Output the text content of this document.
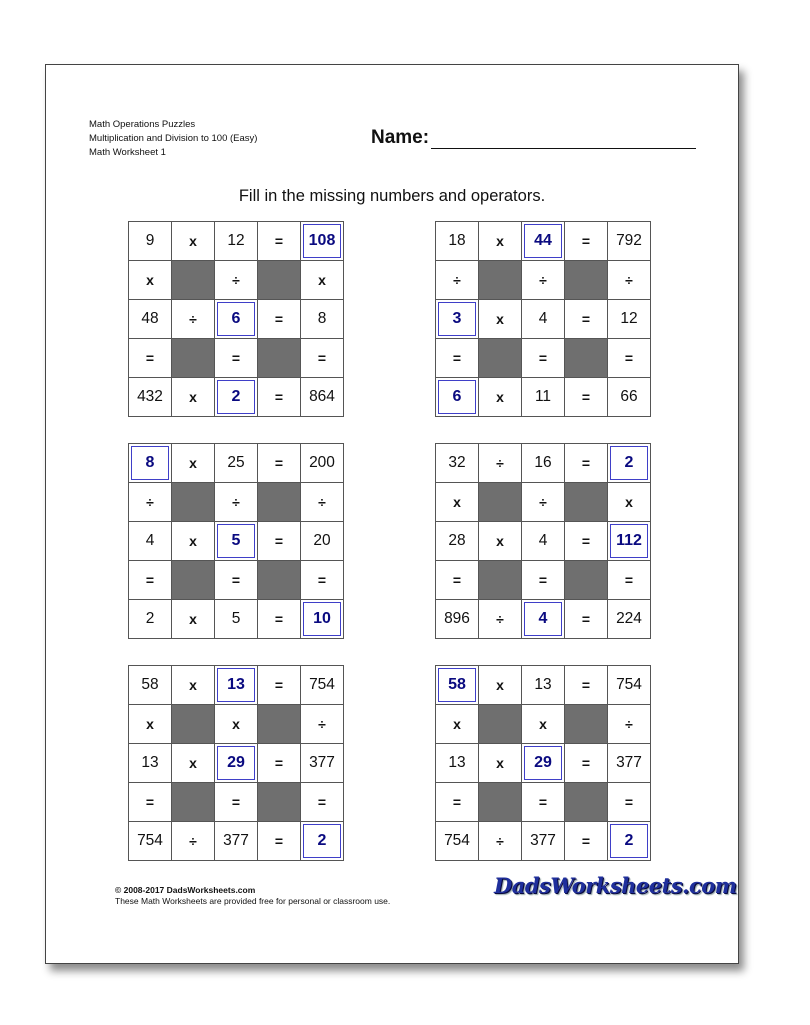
Math Operations Puzzles
Multiplication and Division to 100 (Easy)
Math Worksheet 1
Name:
Fill in the missing numbers and operators.
9	x	12	=	108

x		÷		x
48	÷	6	=	8
=		=		=
432	x	2	=	864
18	x	44	=	792
÷		÷		÷

3	x	4	=	12
=		=		=

6	x	11	=	66
8	x	25	=	200
÷		÷		÷
4	x	5	=	20
=		=		=
2	x	5	=	10
32	÷	16	=	2

x		÷		x
28	x	4	=	112

=		=		=
896	÷	4	=	224
58	x	13	=	754
x		x		÷
13	x	29	=	377
=		=		=
754	÷	377	=	2
58	x	13	=	754
x		x		÷
13	x	29	=	377
=		=		=
754	÷	377	=	2
© 2008-2017 DadsWorksheets.com
These Math Worksheets are provided free for personal or classroom use.
DadsWorksheets.com
